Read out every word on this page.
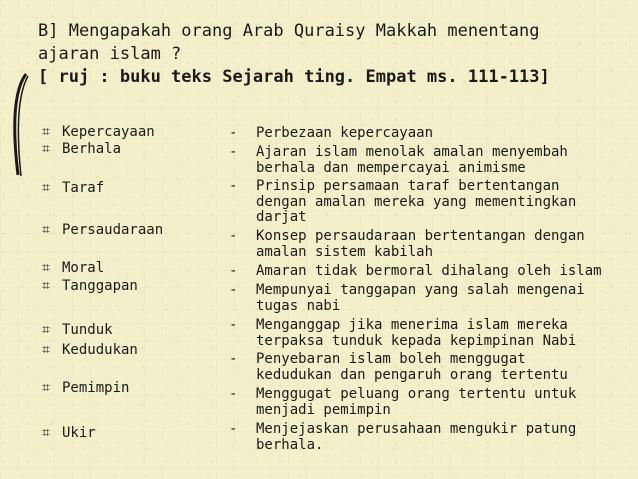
B] Mengapakah orang Arab Quraisy Makkah menentang
ajaran islam ?
[ ruj : buku teks Sejarah ting. Empat ms. 111-113]
⌗ Kepercayaan
⌗ Berhala
⌗ Taraf
⌗ Persaudaraan
⌗ Moral
⌗ Tanggapan
⌗ Tunduk
⌗ Kedudukan
⌗ Pemimpin
⌗ Ukir
- Perbezaan kepercayaan
- Ajaran islam menolak amalan menyembah berhala dan mempercayai animisme
- Prinsip persamaan taraf bertentangan dengan amalan mereka yang mementingkan darjat
- Konsep persaudaraan bertentangan dengan amalan sistem kabilah
- Amaran tidak bermoral dihalang oleh islam
- Mempunyai tanggapan yang salah mengenai tugas nabi
- Menganggap jika menerima islam mereka terpaksa tunduk kepada kepimpinan Nabi
- Penyebaran islam boleh menggugat kedudukan dan pengaruh orang tertentu
- Menggugat peluang orang tertentu untuk menjadi pemimpin
- Menjejaskan perusahaan mengukir patung berhala.
